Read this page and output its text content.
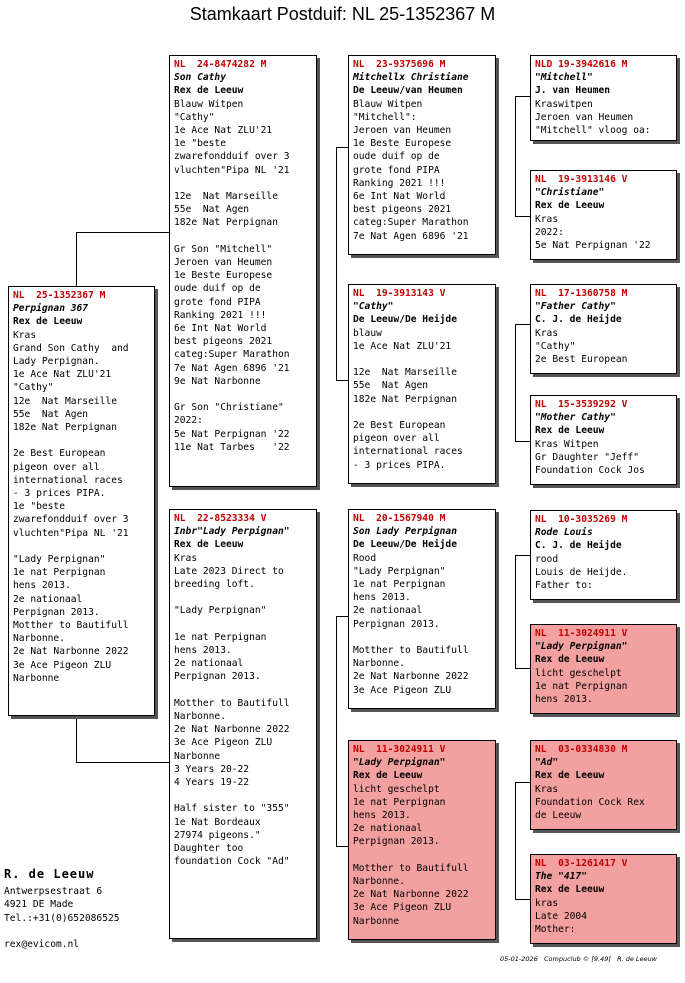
Stamkaart Postduif: NL 25-1352367 M
NL  25-1352367 M
Perpignan 367
Rex de Leeuw
Kras
Grand Son Cathy  and
Lady Perpignan.
1e Ace Nat ZLU'21
"Cathy"
12e  Nat Marseille
55e  Nat Agen
182e Nat Perpignan
2e Best European
pigeon over all
international races
- 3 prices PIPA.
1e "beste
zwarefondduif over 3
vluchten"Pipa NL '21
"Lady Perpignan"
1e nat Perpignan
hens 2013.
2e nationaal
Perpignan 2013.
Motther to Bautifull
Narbonne.
2e Nat Narbonne 2022
3e Ace Pigeon ZLU
Narbonne
NL  24-8474282 M
Son Cathy
Rex de Leeuw
Blauw Witpen
"Cathy"
1e Ace Nat ZLU'21
1e "beste
zwarefondduif over 3
vluchten"Pipa NL '21
12e  Nat Marseille
55e  Nat Agen
182e Nat Perpignan
Gr Son "Mitchell"
Jeroen van Heumen
1e Beste Europese
oude duif op de
grote fond PIPA
Ranking 2021 !!!
6e Int Nat World
best pigeons 2021
categ:Super Marathon
7e Nat Agen 6896 '21
9e Nat Narbonne
Gr Son "Christiane"
2022:
5e Nat Perpignan '22
11e Nat Tarbes   '22
NL  22-8523334 V
Inbr"Lady Perpignan"
Rex de Leeuw
Kras
Late 2023 Direct to
breeding loft.
"Lady Perpignan"
1e nat Perpignan
hens 2013.
2e nationaal
Perpignan 2013.
Motther to Bautifull
Narbonne.
2e Nat Narbonne 2022
3e Ace Pigeon ZLU
Narbonne
3 Years 20-22
4 Years 19-22
Half sister to "355"
1e Nat Bordeaux
27974 pigeons."
Daughter too
foundation Cock "Ad"
NL  23-9375696 M
Mitchellx Christiane
De Leeuw/van Heumen
Blauw Witpen
"Mitchell":
Jeroen van Heumen
1e Beste Europese
oude duif op de
grote fond PIPA
Ranking 2021 !!!
6e Int Nat World
best pigeons 2021
categ:Super Marathon
7e Nat Agen 6896 '21
NL  19-3913143 V
"Cathy"
De Leeuw/De Heijde
blauw
1e Ace Nat ZLU'21
12e  Nat Marseille
55e  Nat Agen
182e Nat Perpignan
2e Best European
pigeon over all
international races
- 3 prices PIPA.
NL  20-1567940 M
Son Lady Perpignan
De Leeuw/De Heijde
Rood
"Lady Perpignan"
1e nat Perpignan
hens 2013.
2e nationaal
Perpignan 2013.
Motther to Bautifull
Narbonne.
2e Nat Narbonne 2022
3e Ace Pigeon ZLU
NL  11-3024911 V
"Lady Perpignan"
Rex de Leeuw
licht geschelpt
1e nat Perpignan
hens 2013.
2e nationaal
Perpignan 2013.
Motther to Bautifull
Narbonne.
2e Nat Narbonne 2022
3e Ace Pigeon ZLU
Narbonne
NLD 19-3942616 M
"Mitchell"
J. van Heumen
Kraswitpen
Jeroen van Heumen
"Mitchell" vloog oa:
NL  19-3913146 V
"Christiane"
Rex de Leeuw
Kras
2022:
5e Nat Perpignan '22
NL  17-1360758 M
"Father Cathy"
C. J. de Heijde
Kras
"Cathy"
2e Best European
NL  15-3539292 V
"Mother Cathy"
Rex de Leeuw
Kras Witpen
Gr Daughter "Jeff"
Foundation Cock Jos
NL  10-3035269 M
Rode Louis
C. J. de Heijde
rood
Louis de Heijde.
Father to:
NL  11-3024911 V
"Lady Perpignan"
Rex de Leeuw
licht geschelpt
1e nat Perpignan
hens 2013.
NL  03-0334830 M
"Ad"
Rex de Leeuw
Kras
Foundation Cock Rex
de Leeuw
NL  03-1261417 V
The "417"
Rex de Leeuw
kras
Late 2004
Mother:
R. de Leeuw
Antwerpsestraat 6
4921 DE Made
Tel.:+31(0)652086525
rex@evicom.nl
05-01-2026   Compuclub © [9.49]   R. de Leeuw
